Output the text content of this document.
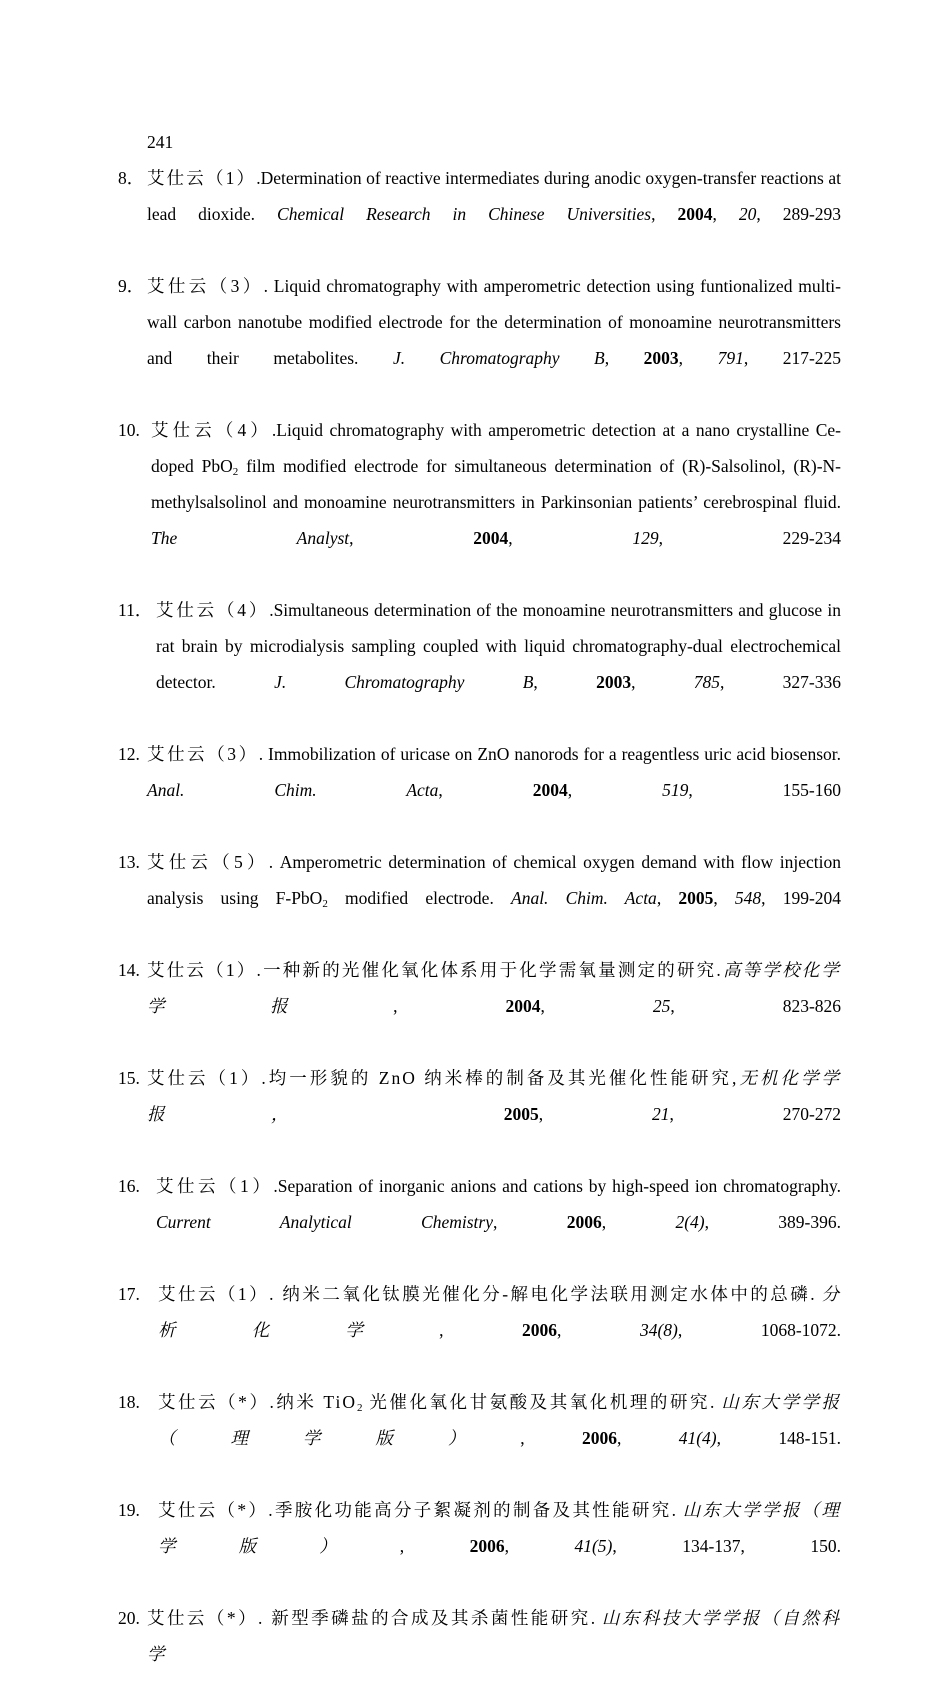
241
8． 艾仕云（1）.Determination of reactive intermediates during anodic oxygen-transfer reactions at lead dioxide. Chemical Research in Chinese Universities, 2004, 20, 289-293
9． 艾仕云（3）. Liquid chromatography with amperometric detection using funtionalized multi-wall carbon nanotube modified electrode for the determination of monoamine neurotransmitters and their metabolites. J. Chromatography B, 2003, 791, 217-225
10. 艾仕云（4）.Liquid chromatography with amperometric detection at a nano crystalline Ce-doped PbO$_2$ film modified electrode for simultaneous determination of (R)-Salsolinol, (R)-N-methylsalsolinol and monoamine neurotransmitters in Parkinsonian patients’ cerebrospinal fluid. The Analyst, 2004, 129, 229-234
11． 艾仕云（4）.Simultaneous determination of the monoamine neurotransmitters and glucose in rat brain by microdialysis sampling coupled with liquid chromatography-dual electrochemical detector.	J. Chromatography B, 2003, 785, 327-336
12. 艾仕云（3）. Immobilization of uricase on ZnO nanorods for a reagentless uric acid biosensor. Anal. Chim. Acta, 2004, 519, 155-160
13. 艾仕云（5）. Amperometric determination of chemical oxygen demand with flow injection analysis using F-PbO$_2$ modified electrode. Anal. Chim. Acta, 2005, 548, 199-204
14. 艾仕云（1）.一种新的光催化氧化体系用于化学需氧量测定的研究.高等学校化学学报, 2004, 25, 823-826
15. 艾仕云（1）.均一形貌的 ZnO 纳米棒的制备及其光催化性能研究,无机化学学报，	2005, 21, 270-272
16. 艾仕云（1）.Separation of inorganic anions and cations by high-speed ion chromatography. Current Analytical Chemistry, 2006, 2(4), 389-396.
17. 艾仕云（1）. 纳米二氧化钛膜光催化分-解电化学法联用测定水体中的总磷. 分析化学, 2006, 34(8), 1068-1072.
18. 艾仕云（*）.纳米 TiO$_2$ 光催化氧化甘氨酸及其氧化机理的研究. 山东大学学报（理学版）, 2006, 41(4), 148-151.
19. 艾仕云（*）.季胺化功能高分子絮凝剂的制备及其性能研究. 山东大学学报（理学版）, 2006, 41(5), 134-137, 150.
20. 艾仕云（*）. 新型季磷盐的合成及其杀菌性能研究. 山东科技大学学报（自然科学
